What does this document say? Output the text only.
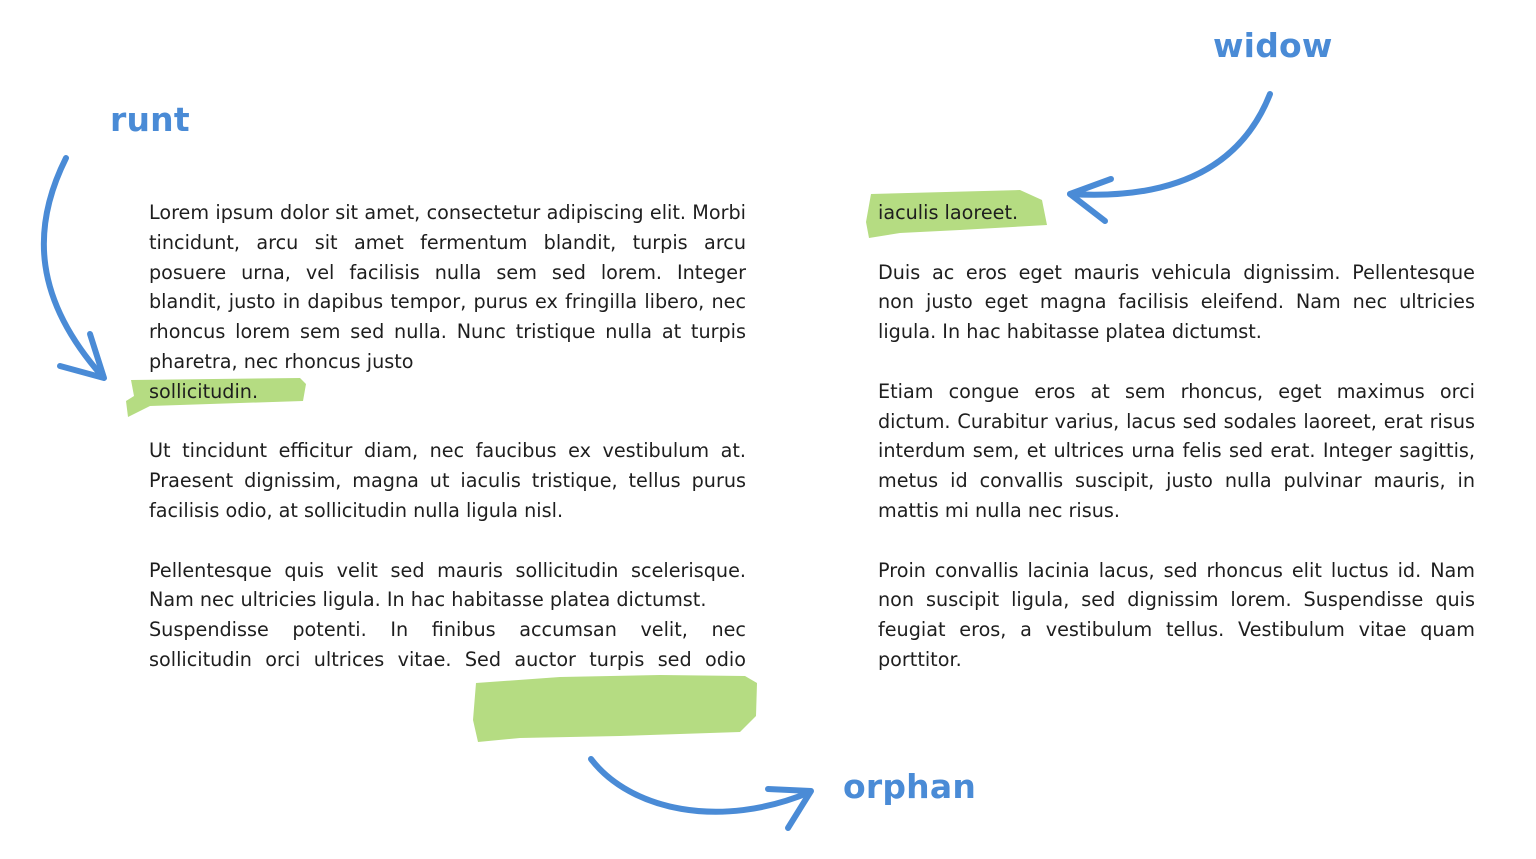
runt
widow
orphan

Lorem ipsum dolor sit amet, consectetur adipiscing elit. Morbi tincidunt, arcu sit amet fermentum blandit, turpis arcu posuere urna, vel facilisis nulla sem sed lorem. Integer blandit, justo in dapibus tempor, purus ex fringilla libero, nec rhoncus lorem sem sed nulla. Nunc tristique nulla at turpis pharetra, nec rhoncus justo
sollicitudin.

Ut tincidunt efficitur diam, nec faucibus ex vestibulum at. Praesent dignissim, magna ut iaculis tristique, tellus purus facilisis odio, at sollicitudin nulla ligula nisl.

Pellentesque quis velit sed mauris sollicitudin scelerisque. Nam nec ultricies ligula. In hac habitasse platea dictumst.

Suspendisse potenti. In finibus accumsan velit, nec sollicitudin orci ultrices vitae. Sed auctor turpis sed odio

iaculis laoreet.

Duis ac eros eget mauris vehicula dignissim. Pellentesque non justo eget magna facilisis eleifend. Nam nec ultricies ligula. In hac habitasse platea dictumst.

Etiam congue eros at sem rhoncus, eget maximus orci dictum. Curabitur varius, lacus sed sodales laoreet, erat risus interdum sem, et ultrices urna felis sed erat. Integer sagittis, metus id convallis suscipit, justo nulla pulvinar mauris, in mattis mi nulla nec risus.

Proin convallis lacinia lacus, sed rhoncus elit luctus id. Nam non suscipit ligula, sed dignissim lorem. Suspendisse quis feugiat eros, a vestibulum tellus. Vestibulum vitae quam porttitor.
